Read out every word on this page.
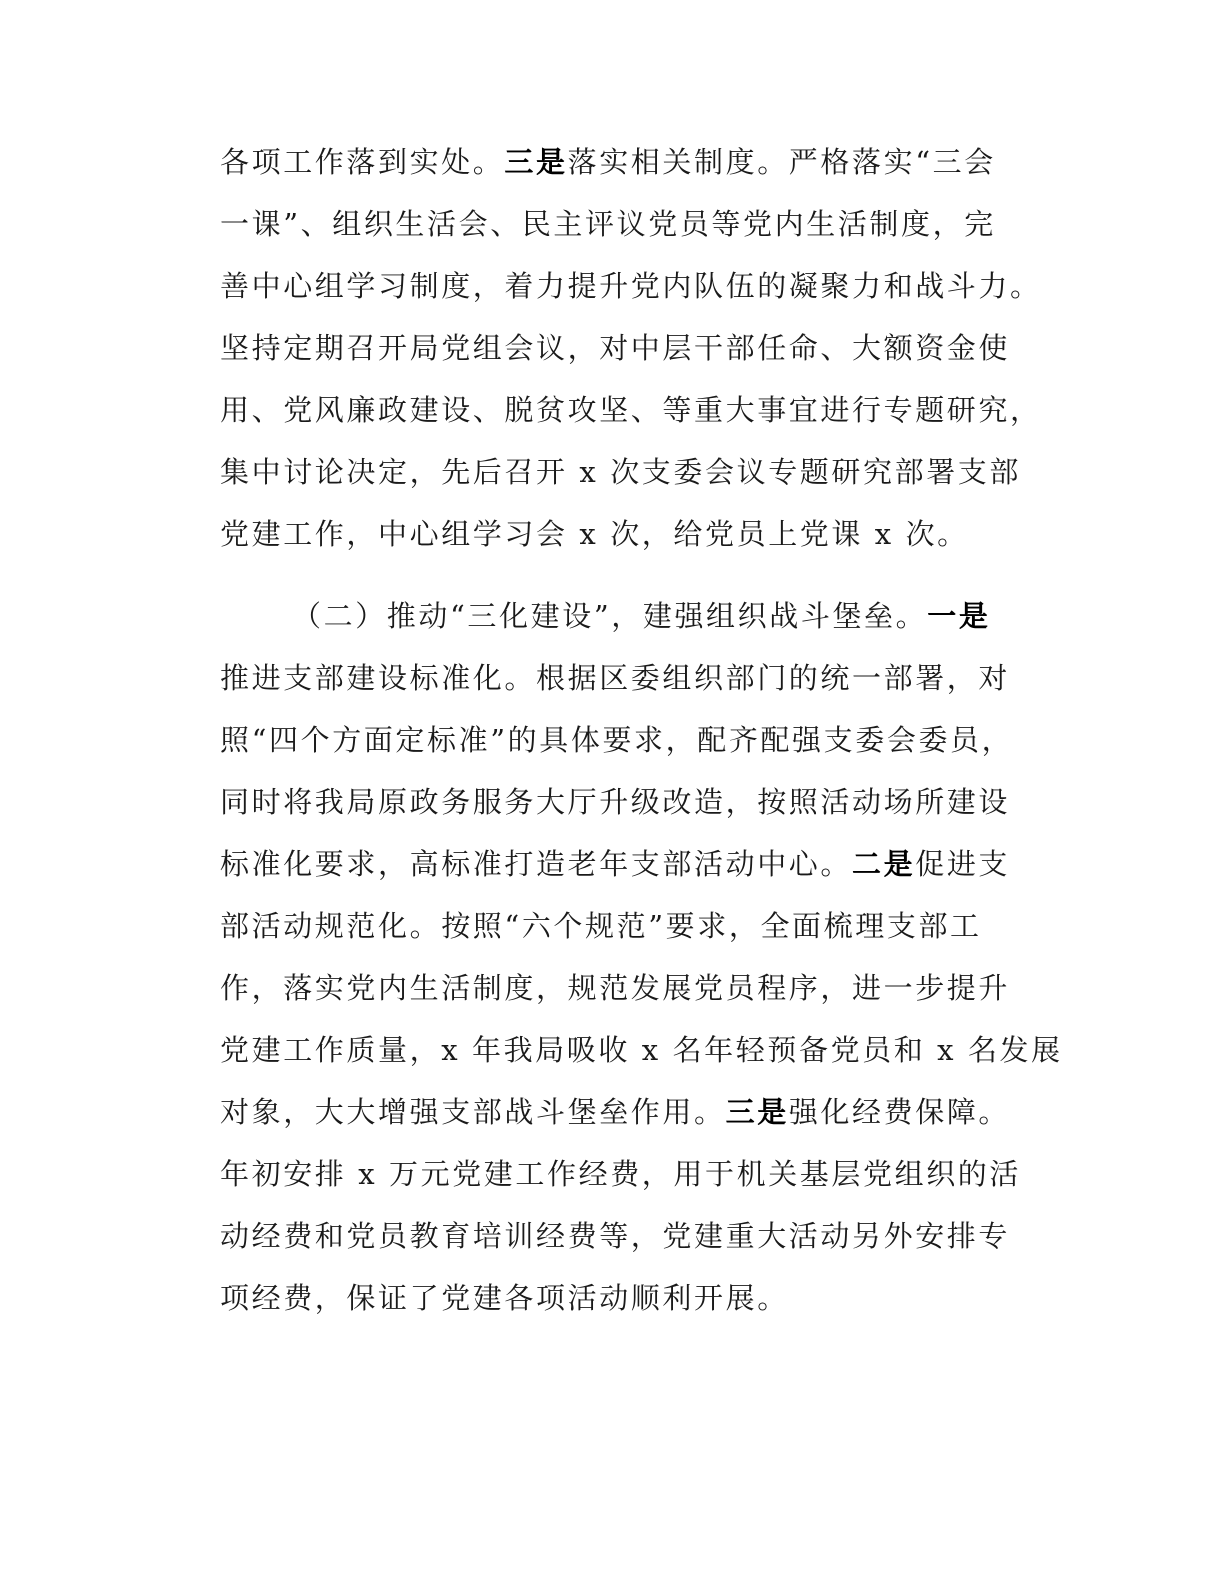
各项工作落到实处。三是落实相关制度。严格落实“三会
一课”、组织生活会、民主评议党员等党内生活制度，完
善中心组学习制度，着力提升党内队伍的凝聚力和战斗力。
坚持定期召开局党组会议，对中层干部任命、大额资金使
用、党风廉政建设、脱贫攻坚、等重大事宜进行专题研究，
集中讨论决定，先后召开 x 次支委会议专题研究部署支部
党建工作，中心组学习会 x 次，给党员上党课 x 次。
（二）推动“三化建设”，建强组织战斗堡垒。一是
推进支部建设标准化。根据区委组织部门的统一部署，对
照“四个方面定标准”的具体要求，配齐配强支委会委员，
同时将我局原政务服务大厅升级改造，按照活动场所建设
标准化要求，高标准打造老年支部活动中心。二是促进支
部活动规范化。按照“六个规范”要求，全面梳理支部工
作，落实党内生活制度，规范发展党员程序，进一步提升
党建工作质量，x 年我局吸收 x 名年轻预备党员和 x 名发展
对象，大大增强支部战斗堡垒作用。三是强化经费保障。
年初安排 x 万元党建工作经费，用于机关基层党组织的活
动经费和党员教育培训经费等，党建重大活动另外安排专
项经费，保证了党建各项活动顺利开展。
